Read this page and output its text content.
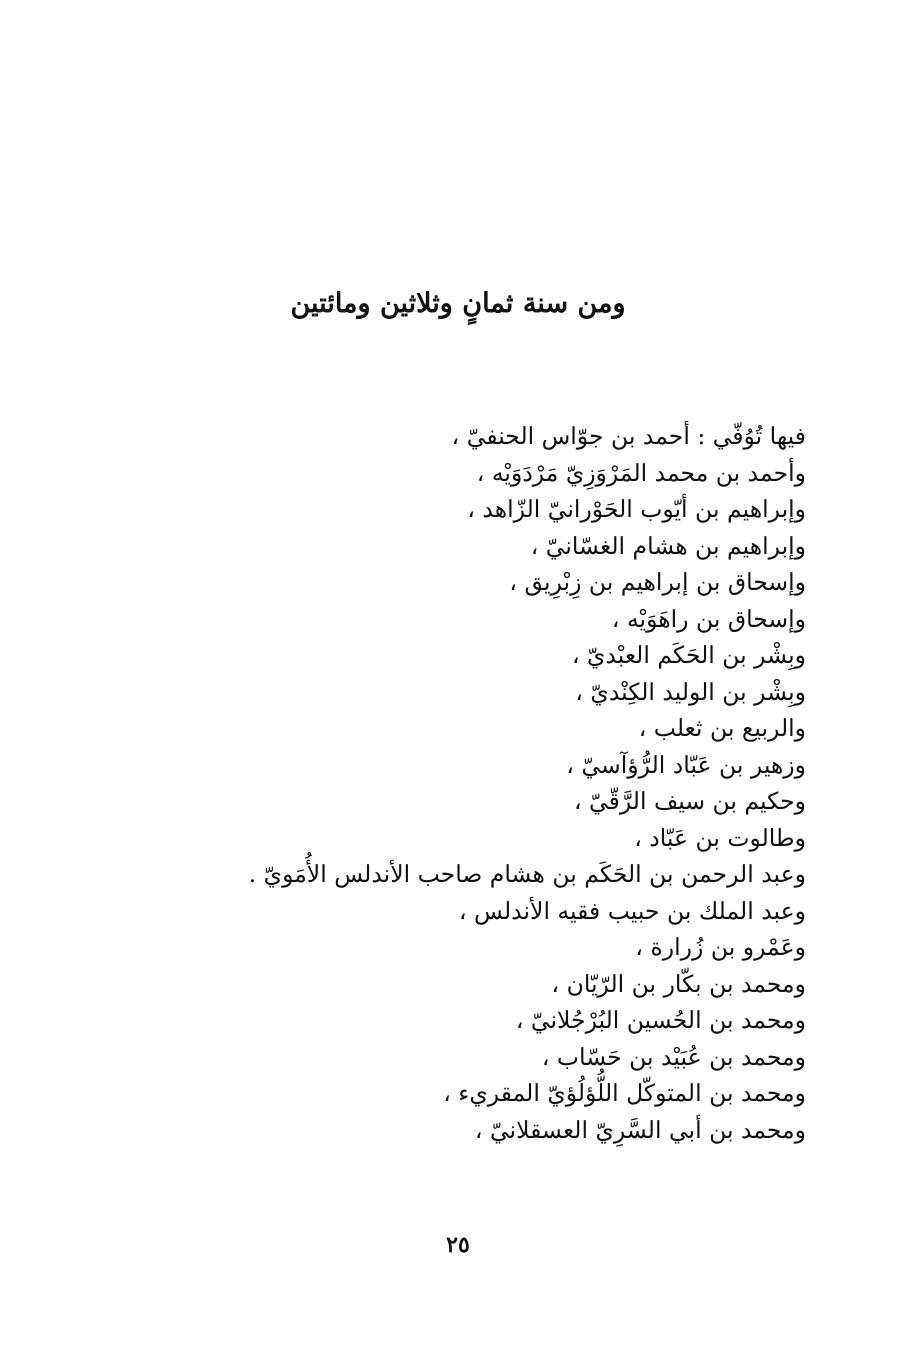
ومن سنة ثمانٍ وثلاثين ومائتين
فيها تُوُفّي : أحمد بن جوّاس الحنفيّ ،
وأحمد بن محمد المَرْوَزِيّ مَرْدَوَيْه ،
وإبراهيم بن أيّوب الحَوْرانيّ الزّاهد ،
وإبراهيم بن هشام الغسّانيّ ،
وإسحاق بن إبراهيم بن زِبْرِيق ،
وإسحاق بن راهَوَيْه ،
وبِشْر بن الحَكَم العبْديّ ،
وبِشْر بن الوليد الكِنْديّ ،
والربيع بن ثعلب ،
وزهير بن عَبّاد الرُّؤآسيّ ،
وحكيم بن سيف الرَّقّيّ ،
وطالوت بن عَبّاد ،
وعبد الرحمن بن الحَكَم بن هشام صاحب الأندلس الأُمَويّ .
وعبد الملك بن حبيب فقيه الأندلس ،
وعَمْرو بن زُرارة ،
ومحمد بن بكّار بن الرّيّان ،
ومحمد بن الحُسين البُرْجُلانيّ ،
ومحمد بن عُبَيْد بن حَسّاب ،
ومحمد بن المتوكّل اللُّؤلُؤيّ المقريء ،
ومحمد بن أبي السَّرِيّ العسقلانيّ ،
٢٥
